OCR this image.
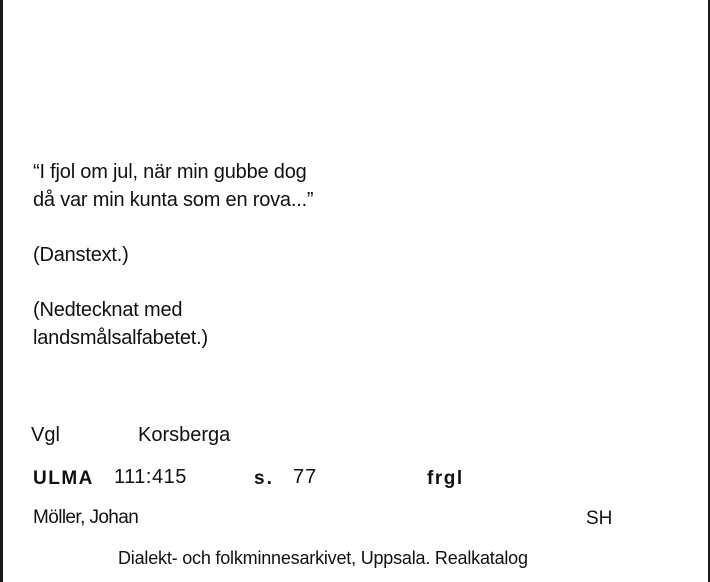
“I fjol om jul, när min gubbe dog
då var min kunta som en rova...”
(Danstext.)
(Nedtecknat med
landsmålsalfabetet.)
Vgl	Korsberga
ULMA 111:415	s. 77	frgl
Möller, Johan	SH
Dialekt- och folkminnesarkivet, Uppsala. Realkatalog
